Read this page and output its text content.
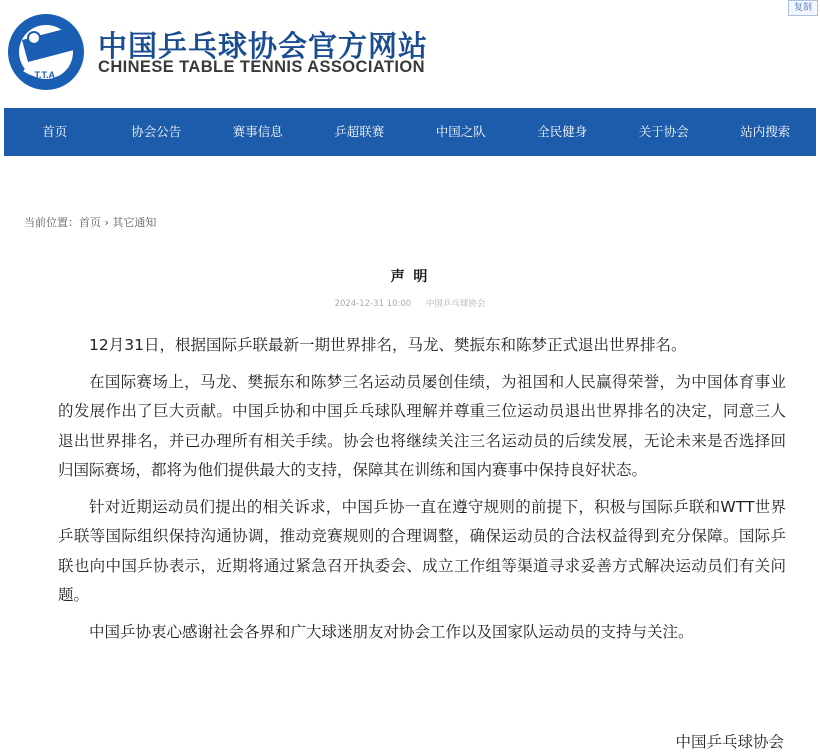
T.T.A.
中国乒乓球协会官方网站
CHINESE TABLE TENNIS ASSOCIATION
复制
首页	协会公告	赛事信息	乒超联赛	中国之队	全民健身	关于协会	站内搜索
当前位置：首页 › 其它通知
声 明
2024-12-31 10:00 中国乒乓球协会

12月31日，根据国际乒联最新一期世界排名，马龙、樊振东和陈梦正式退出世界排名。

在国际赛场上，马龙、樊振东和陈梦三名运动员屡创佳绩，为祖国和人民赢得荣誉，为中国体育事业的发展作出了巨大贡献。中国乒协和中国乒乓球队理解并尊重三位运动员退出世界排名的决定，同意三人退出世界排名，并已办理所有相关手续。协会也将继续关注三名运动员的后续发展，无论未来是否选择回归国际赛场，都将为他们提供最大的支持，保障其在训练和国内赛事中保持良好状态。

针对近期运动员们提出的相关诉求，中国乒协一直在遵守规则的前提下，积极与国际乒联和WTT世界乒联等国际组织保持沟通协调，推动竞赛规则的合理调整，确保运动员的合法权益得到充分保障。国际乒联也向中国乒协表示，近期将通过紧急召开执委会、成立工作组等渠道寻求妥善方式解决运动员们有关问题。

中国乒协衷心感谢社会各界和广大球迷朋友对协会工作以及国家队运动员的支持与关注。

中国乒乓球协会
